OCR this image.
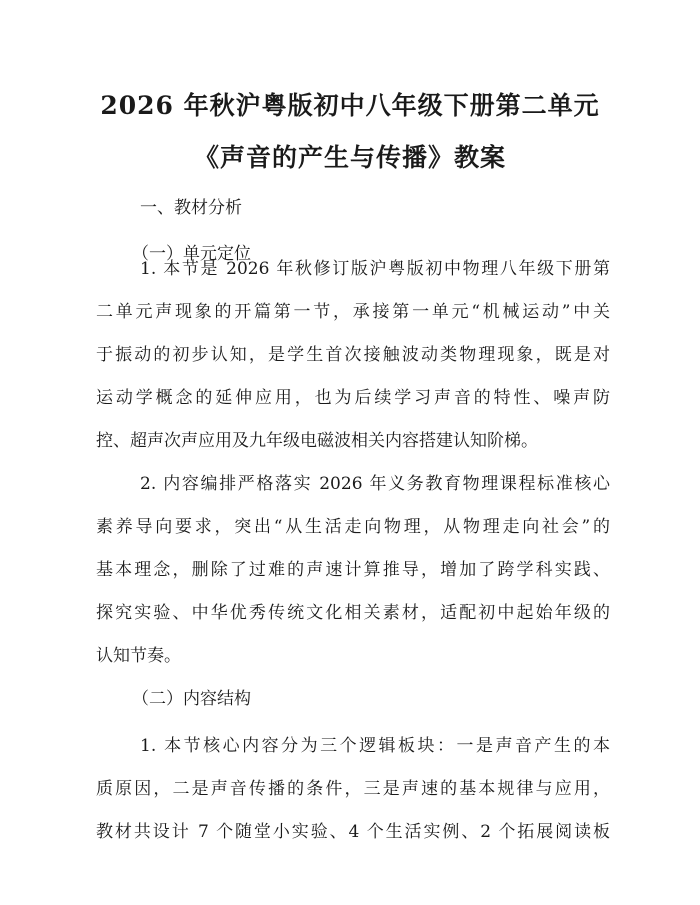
2026 年秋沪粤版初中八年级下册第二单元
《声音的产生与传播》教案
一、教材分析
（一）单元定位
1. 本节是 2026 年秋修订版沪粤版初中物理八年级下册第
二单元声现象的开篇第一节，承接第一单元“机械运动”中关
于振动的初步认知，是学生首次接触波动类物理现象，既是对
运动学概念的延伸应用，也为后续学习声音的特性、噪声防
控、超声次声应用及九年级电磁波相关内容搭建认知阶梯。
2. 内容编排严格落实 2026 年义务教育物理课程标准核心
素养导向要求，突出“从生活走向物理，从物理走向社会”的
基本理念，删除了过难的声速计算推导，增加了跨学科实践、
探究实验、中华优秀传统文化相关素材，适配初中起始年级的
认知节奏。
（二）内容结构
1. 本节核心内容分为三个逻辑板块：一是声音产生的本
质原因，二是声音传播的条件，三是声速的基本规律与应用，
教材共设计 7 个随堂小实验、4 个生活实例、2 个拓展阅读板
